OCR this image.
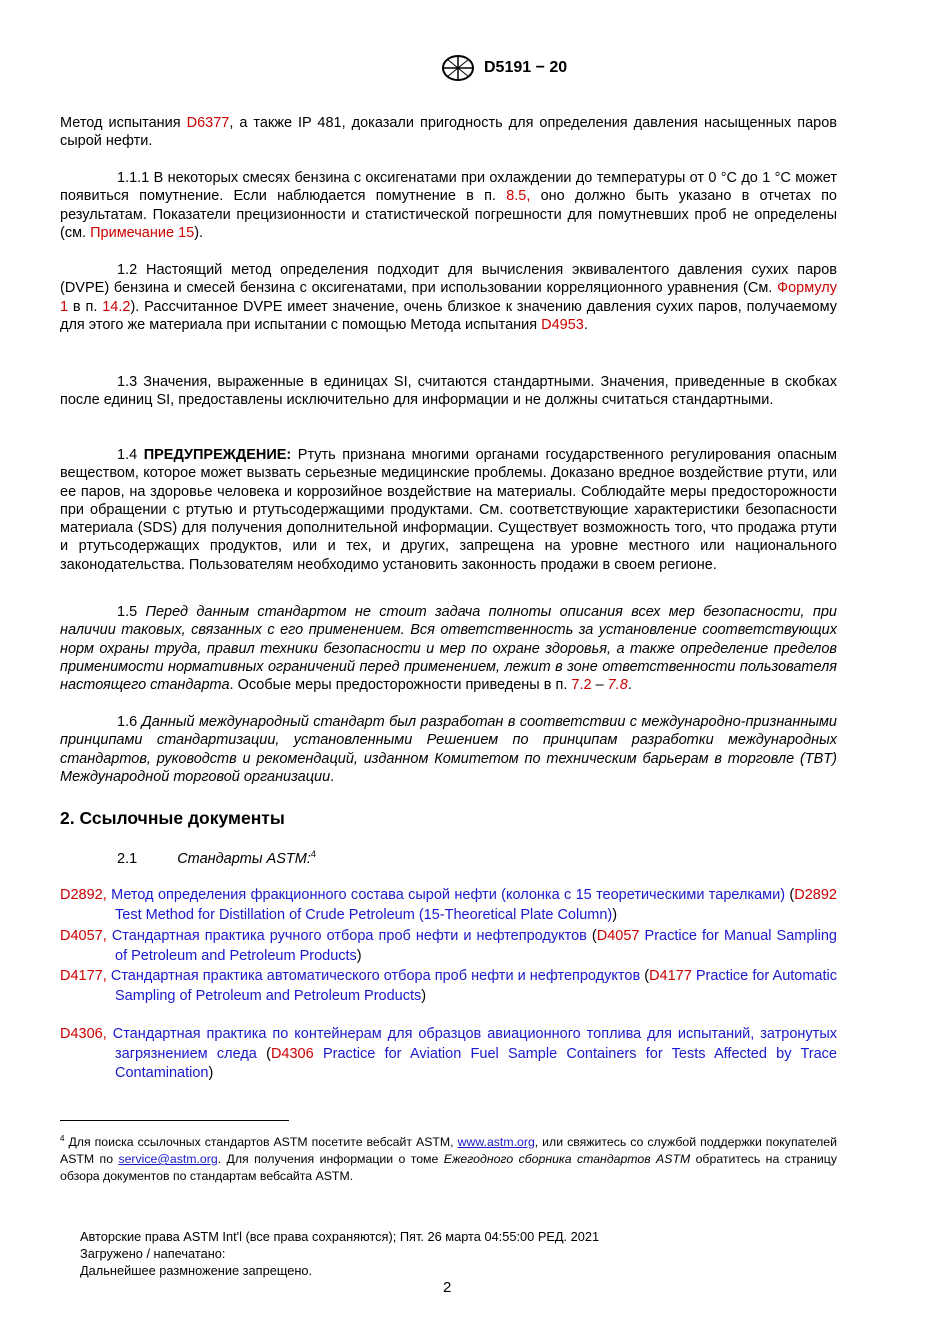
D5191 − 20

Метод испытания D6377, а также IP 481, доказали пригодность для определения давления насыщенных паров сырой нефти.

1.1.1 В некоторых смесях бензина с оксигенатами при охлаждении до температуры от 0 °C до 1 °C может появиться помутнение. Если наблюдается помутнение в п. 8.5, оно должно быть указано в отчетах по результатам. Показатели прецизионности и статистической погрешности для помутневших проб не определены (см. Примечание 15).

1.2 Настоящий метод определения подходит для вычисления эквивалентого давления сухих паров (DVPE) бензина и смесей бензина с оксигенатами, при использовании корреляционного уравнения (См. Формулу 1 в п. 14.2). Рассчитанное DVPE имеет значение, очень близкое к значению давления сухих паров, получаемому для этого же материала при испытании с помощью Метода испытания D4953.

1.3 Значения, выраженные в единицах SI, считаются стандартными. Значения, приведенные в скобках после единиц SI, предоставлены исключительно для информации и не должны считаться стандартными.

1.4 ПРЕДУПРЕЖДЕНИЕ: Ртуть признана многими органами государственного регулирования опасным веществом, которое может вызвать серьезные медицинские проблемы. Доказано вредное воздействие ртути, или ее паров, на здоровье человека и коррозийное воздействие на материалы. Соблюдайте меры предосторожности при обращении с ртутью и ртутьсодержащими продуктами. См. соответствующие характеристики безопасности материала (SDS) для получения дополнительной информации. Существует возможность того, что продажа ртути и ртутьсодержащих продуктов, или и тех, и других, запрещена на уровне местного или национального законодательства. Пользователям необходимо установить законность продажи в своем регионе.

1.5 Перед данным стандартом не стоит задача полноты описания всех мер безопасности, при наличии таковых, связанных с его применением. Вся ответственность за установление соответствующих норм охраны труда, правил техники безопасности и мер по охране здоровья, а также определение пределов применимости нормативных ограничений перед применением, лежит в зоне ответственности пользователя настоящего стандарта. Особые меры предосторожности приведены в п. 7.2 – 7.8.

1.6 Данный международный стандарт был разработан в соответствии с международно-признанными принципами стандартизации, установленными Решением по принципам разработки международных стандартов, руководств и рекомендаций, изданном Комитетом по техническим барьерам в торговле (TBT) Международной торговой организации.

2. Ссылочные документы
2.1	Стандарты ASTM:$^4$
D2892, Метод определения фракционного состава сырой нефти (колонка с 15 теоретическими тарелками) (D2892 Test Method for Distillation of Crude Petroleum (15-Theoretical Plate Column))
D4057, Стандартная практика ручного отбора проб нефти и нефтепродуктов (D4057 Practice for Manual Sampling of Petroleum and Petroleum Products)
D4177, Стандартная практика автоматического отбора проб нефти и нефтепродуктов (D4177 Practice for Automatic Sampling of Petroleum and Petroleum Products)
D4306, Стандартная практика по контейнерам для образцов авиационного топлива для испытаний, затронутых загрязнением следа (D4306 Practice for Aviation Fuel Sample Containers for Tests Affected by Trace Contamination)

$^4$ Для поиска ссылочных стандартов ASTM посетите вебсайт ASTM, www.astm.org, или свяжитесь со службой поддержки покупателей ASTM по service@astm.org. Для получения информации о томе Ежегодного сборника стандартов ASTM обратитесь на страницу обзора документов по стандартам вебсайта ASTM.

Авторские права ASTM Int'l (все права сохраняются); Пят. 26 марта 04:55:00 РЕД. 2021

Загружено / напечатано:

Дальнейшее размножение запрещено.

2
